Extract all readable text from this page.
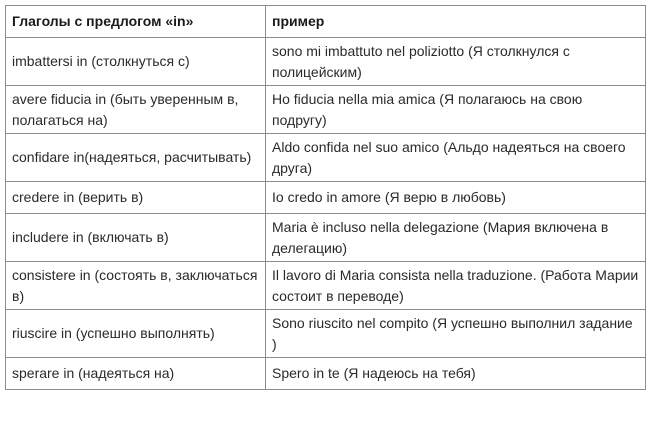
Глаголы с предлогом «in»	пример
imbattersi in (столкнуться с)	sono mi imbattuto nel poliziotto (Я столкнулся с полицейским)
avere fiducia in (быть уверенным в, полагаться на)	Ho fiducia nella mia amica (Я полагаюсь на свою подругу)
confidare in(надеяться, расчитывать)	Aldo confida nel suo amico (Альдо надеяться на своего друга)
credere in (верить в)	Io credo in amore (Я верю в любовь)
includere in (включать в)	Maria è incluso nella delegazione (Мария включена в делегацию)
consistere in (состоять в, заключаться в)	Il lavoro di Maria consista nella traduzione. (Работа Марии состоит в переводе)
riuscire in (успешно выполнять)	Sono riuscito nel compito (Я успешно выполнил задание )
sperare in (надеяться на)	Spero in te (Я надеюсь на тебя)
